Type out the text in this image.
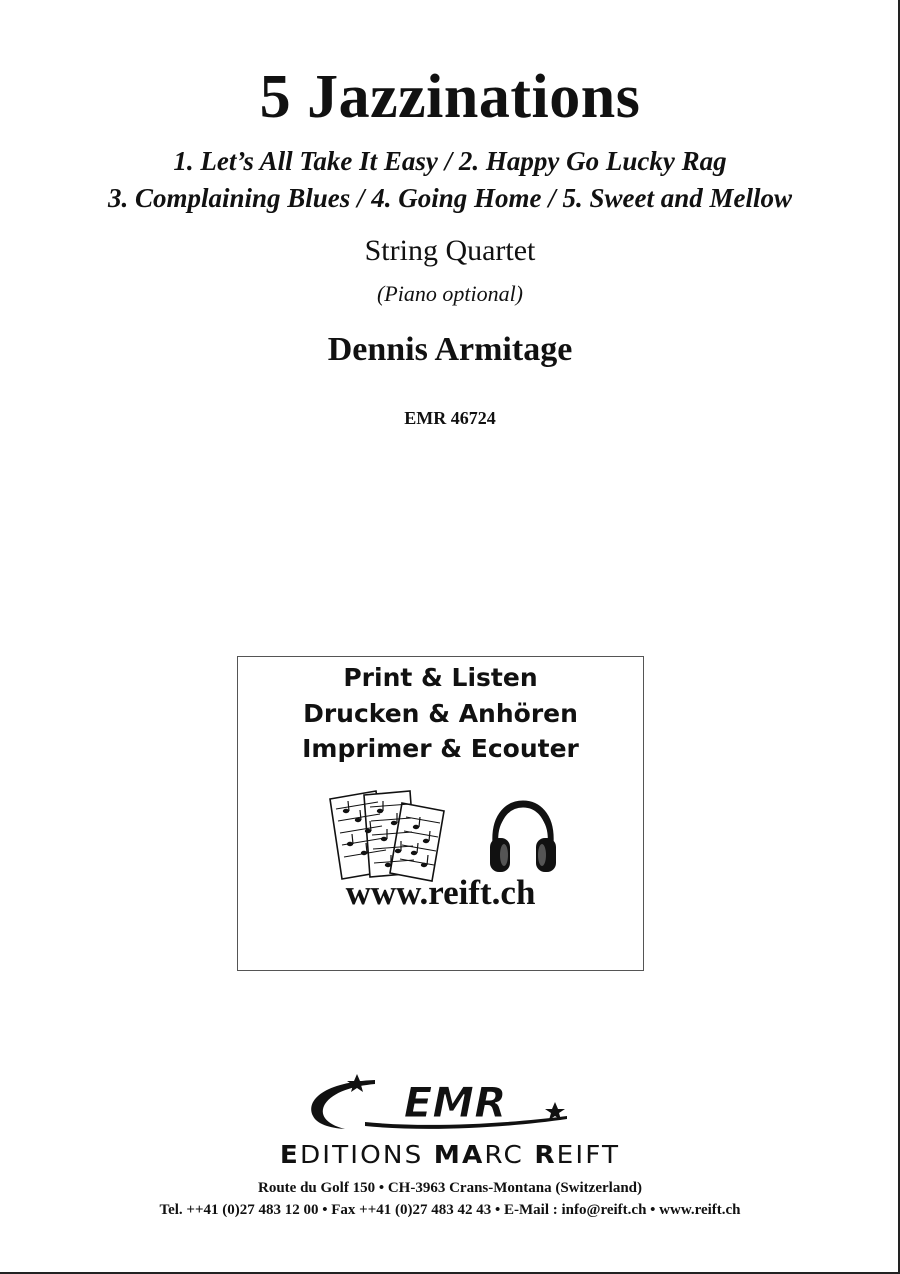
5 Jazzinations
1. Let’s All Take It Easy / 2. Happy Go Lucky Rag
3. Complaining Blues / 4. Going Home / 5. Sweet and Mellow
String Quartet
(Piano optional)
Dennis Armitage
EMR 46724
Print & Listen
Drucken & Anhören
Imprimer & Ecouter
www.reift.ch
EMR
EDITIONS MARC REIFT
Route du Golf 150 • CH-3963 Crans-Montana (Switzerland)
Tel. ++41 (0)27 483 12 00 • Fax ++41 (0)27 483 42 43 • E-Mail : info@reift.ch • www.reift.ch
